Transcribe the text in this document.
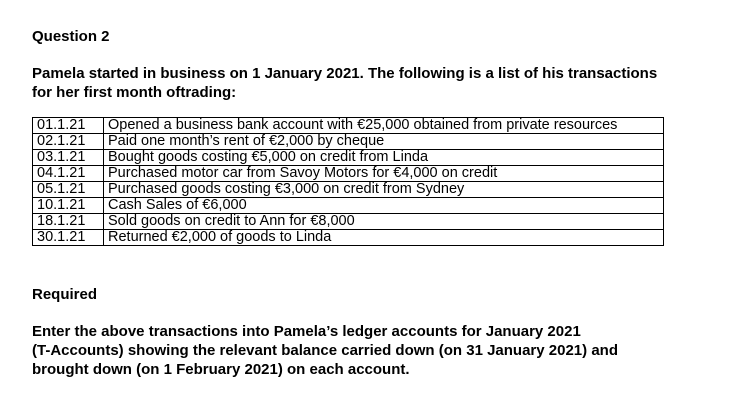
Question 2
Pamela started in business on 1 January 2021. The following is a list of his transactions
for her first month oftrading:
01.1.21	Opened a business bank account with €25,000 obtained from private resources
02.1.21	Paid one month’s rent of €2,000 by cheque
03.1.21	Bought goods costing €5,000 on credit from Linda
04.1.21	Purchased motor car from Savoy Motors for €4,000 on credit
05.1.21	Purchased goods costing €3,000 on credit from Sydney
10.1.21	Cash Sales of €6,000
18.1.21	Sold goods on credit to Ann for €8,000
30.1.21	Returned €2,000 of goods to Linda
Required
Enter the above transactions into Pamela’s ledger accounts for January 2021
(T-Accounts) showing the relevant balance carried down (on 31 January 2021) and
brought down (on 1 February 2021) on each account.
